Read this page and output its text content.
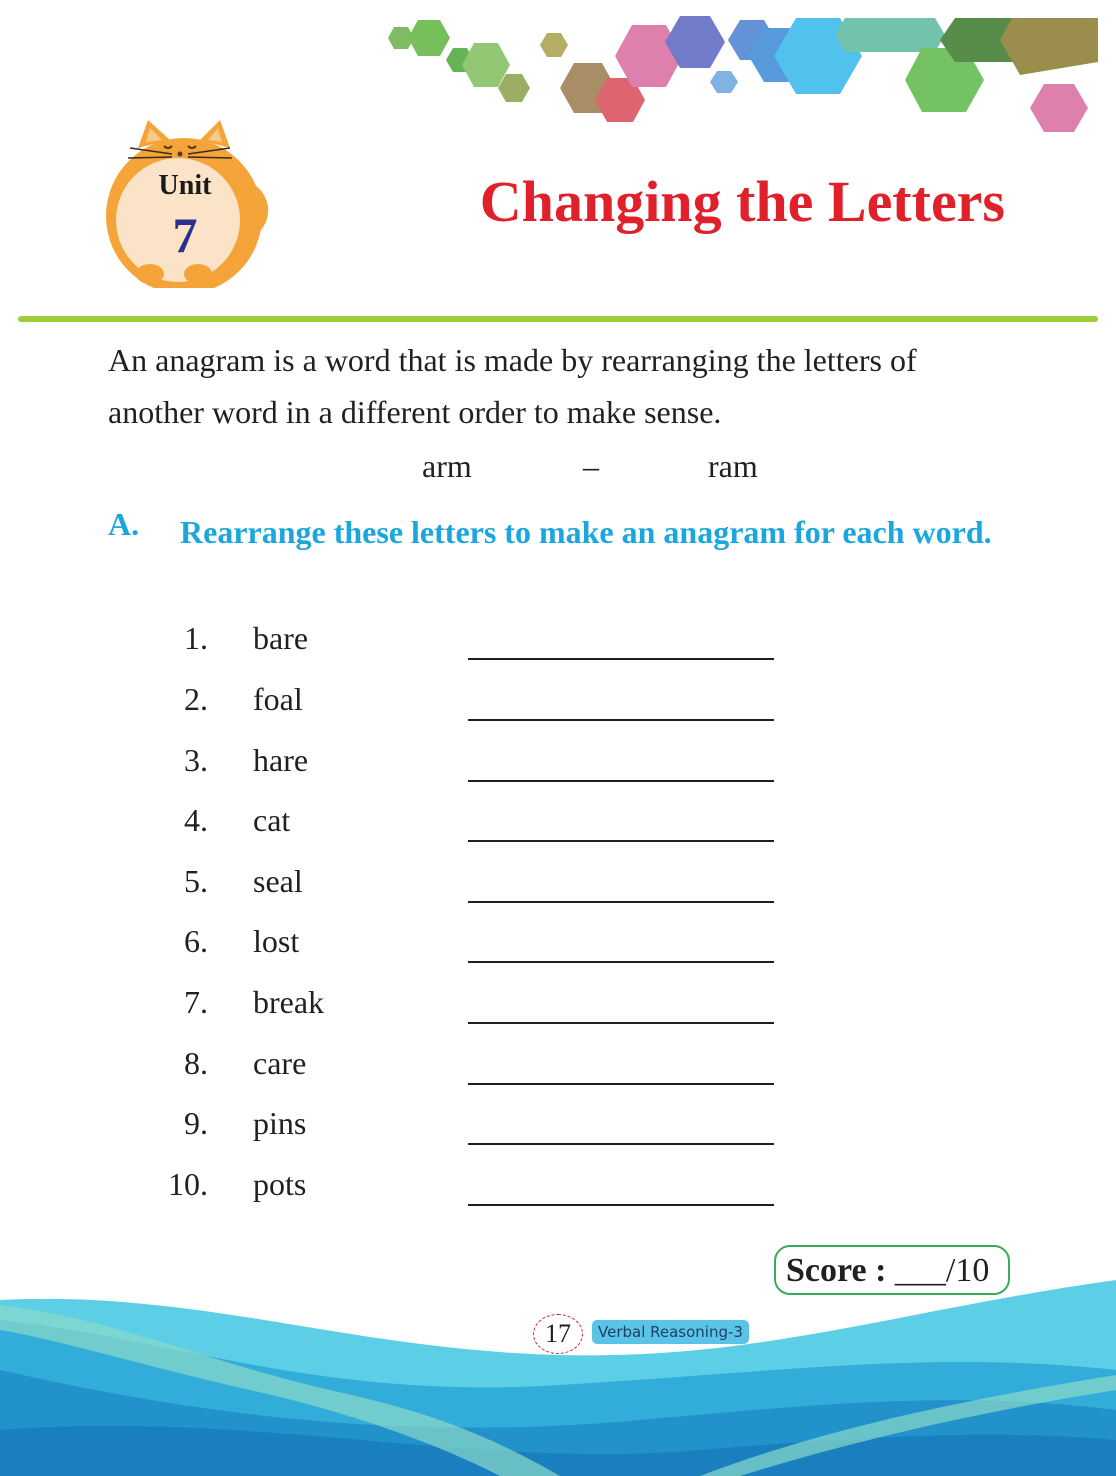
Unit
7
Changing the Letters
An anagram is a word that is made by rearranging the letters of another word in a different order to make sense.
arm	–	ram
A. Rearrange these letters to make an anagram for each word.
1. bare
2. foal
3. hare
4. cat
5. seal
6. lost
7. break
8. care
9. pins
10. pots
Score : ___/10
17	Verbal Reasoning-3
